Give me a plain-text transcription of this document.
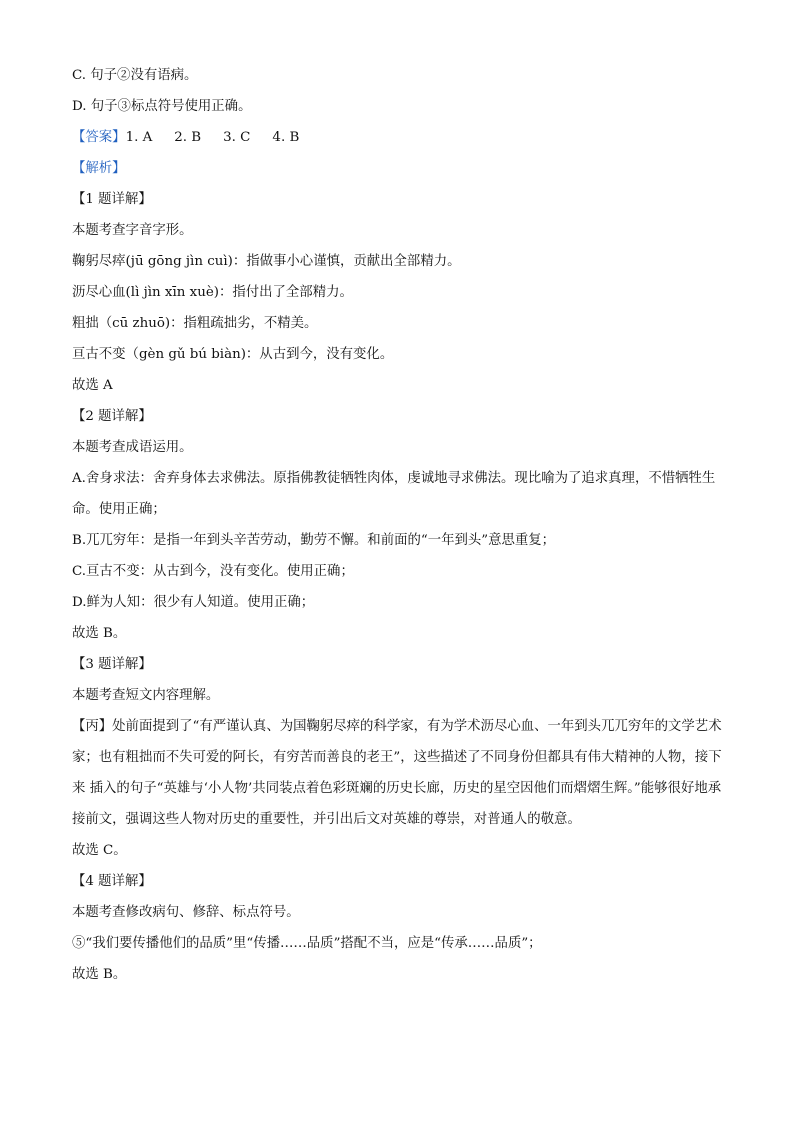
C. 句子②没有语病。
D. 句子③标点符号使用正确。
【答案】1. A 2. B 3. C 4. B
【解析】
【1 题详解】
本题考查字音字形。
鞠躬尽瘁(jū gōng jìn cuì)：指做事小心谨慎，贡献出全部精力。
沥尽心血(lì jìn xīn xuè)：指付出了全部精力。
粗拙（cū zhuō)：指粗疏拙劣，不精美。
亘古不变（gèn gǔ bú biàn)：从古到今，没有变化。
故选 A
【2 题详解】
本题考查成语运用。
A.舍身求法：舍弃身体去求佛法。原指佛教徒牺牲肉体，虔诚地寻求佛法。现比喻为了追求真理，不惜牺牲生命。使用正确；
B.兀兀穷年：是指一年到头辛苦劳动，勤劳不懈。和前面的“一年到头”意思重复；
C.亘古不变：从古到今，没有变化。使用正确；
D.鲜为人知：很少有人知道。使用正确；
故选 B。
【3 题详解】
本题考查短文内容理解。
【丙】处前面提到了“有严谨认真、为国鞠躬尽瘁的科学家，有为学术沥尽心血、一年到头兀兀穷年的文学艺术家；也有粗拙而不失可爱的阿长，有穷苦而善良的老王”，这些描述了不同身份但都具有伟大精神的人物，接下来 插入的句子“英雄与‘小人物’共同装点着色彩斑斓的历史长廊，历史的星空因他们而熠熠生辉。”能够很好地承接前文，强调这些人物对历史的重要性，并引出后文对英雄的尊崇，对普通人的敬意。
故选 C。
【4 题详解】
本题考查修改病句、修辞、标点符号。
⑤“我们要传播他们的品质”里“传播……品质”搭配不当，应是“传承……品质”；
故选 B。
